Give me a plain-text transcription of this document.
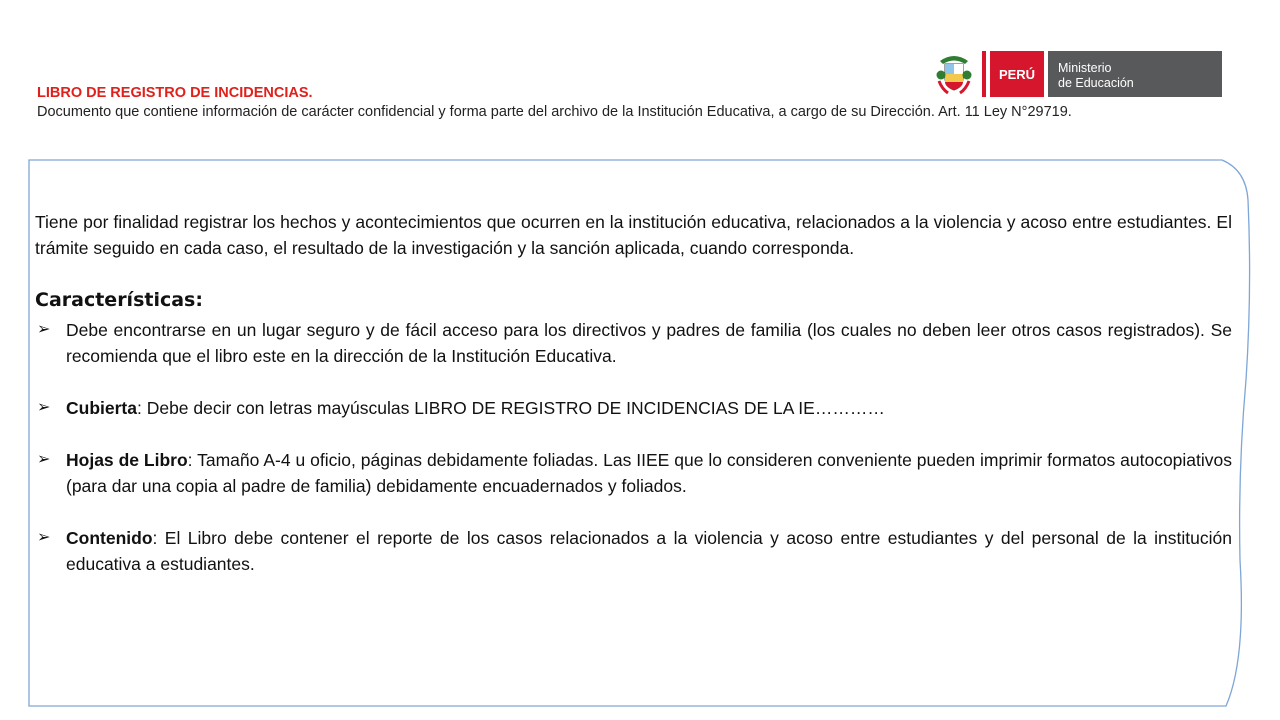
LIBRO DE REGISTRO DE INCIDENCIAS.
Documento que contiene información de carácter confidencial y forma parte del archivo de la Institución Educativa, a cargo de su Dirección. Art. 11 Ley N°29719.
PERÚ Ministerio
de Educación

Tiene por finalidad registrar los hechos y acontecimientos que ocurren en la institución educativa, relacionados a la violencia y acoso entre estudiantes. El trámite seguido en cada caso, el resultado de la investigación y la sanción aplicada, cuando corresponda.

Características:

➢ Debe encontrarse en un lugar seguro y de fácil acceso para los directivos y padres de familia (los cuales no deben leer otros casos registrados). Se recomienda que el libro este en la dirección de la Institución Educativa.

➢ Cubierta: Debe decir con letras mayúsculas LIBRO DE REGISTRO DE INCIDENCIAS DE LA IE…………

➢ Hojas de Libro: Tamaño A-4 u oficio, páginas debidamente foliadas. Las IIEE que lo consideren conveniente pueden imprimir formatos autocopiativos (para dar una copia al padre de familia) debidamente encuadernados y foliados.

➢ Contenido: El Libro debe contener el reporte de los casos relacionados a la violencia y acoso entre estudiantes y del personal de la institución educativa a estudiantes.
